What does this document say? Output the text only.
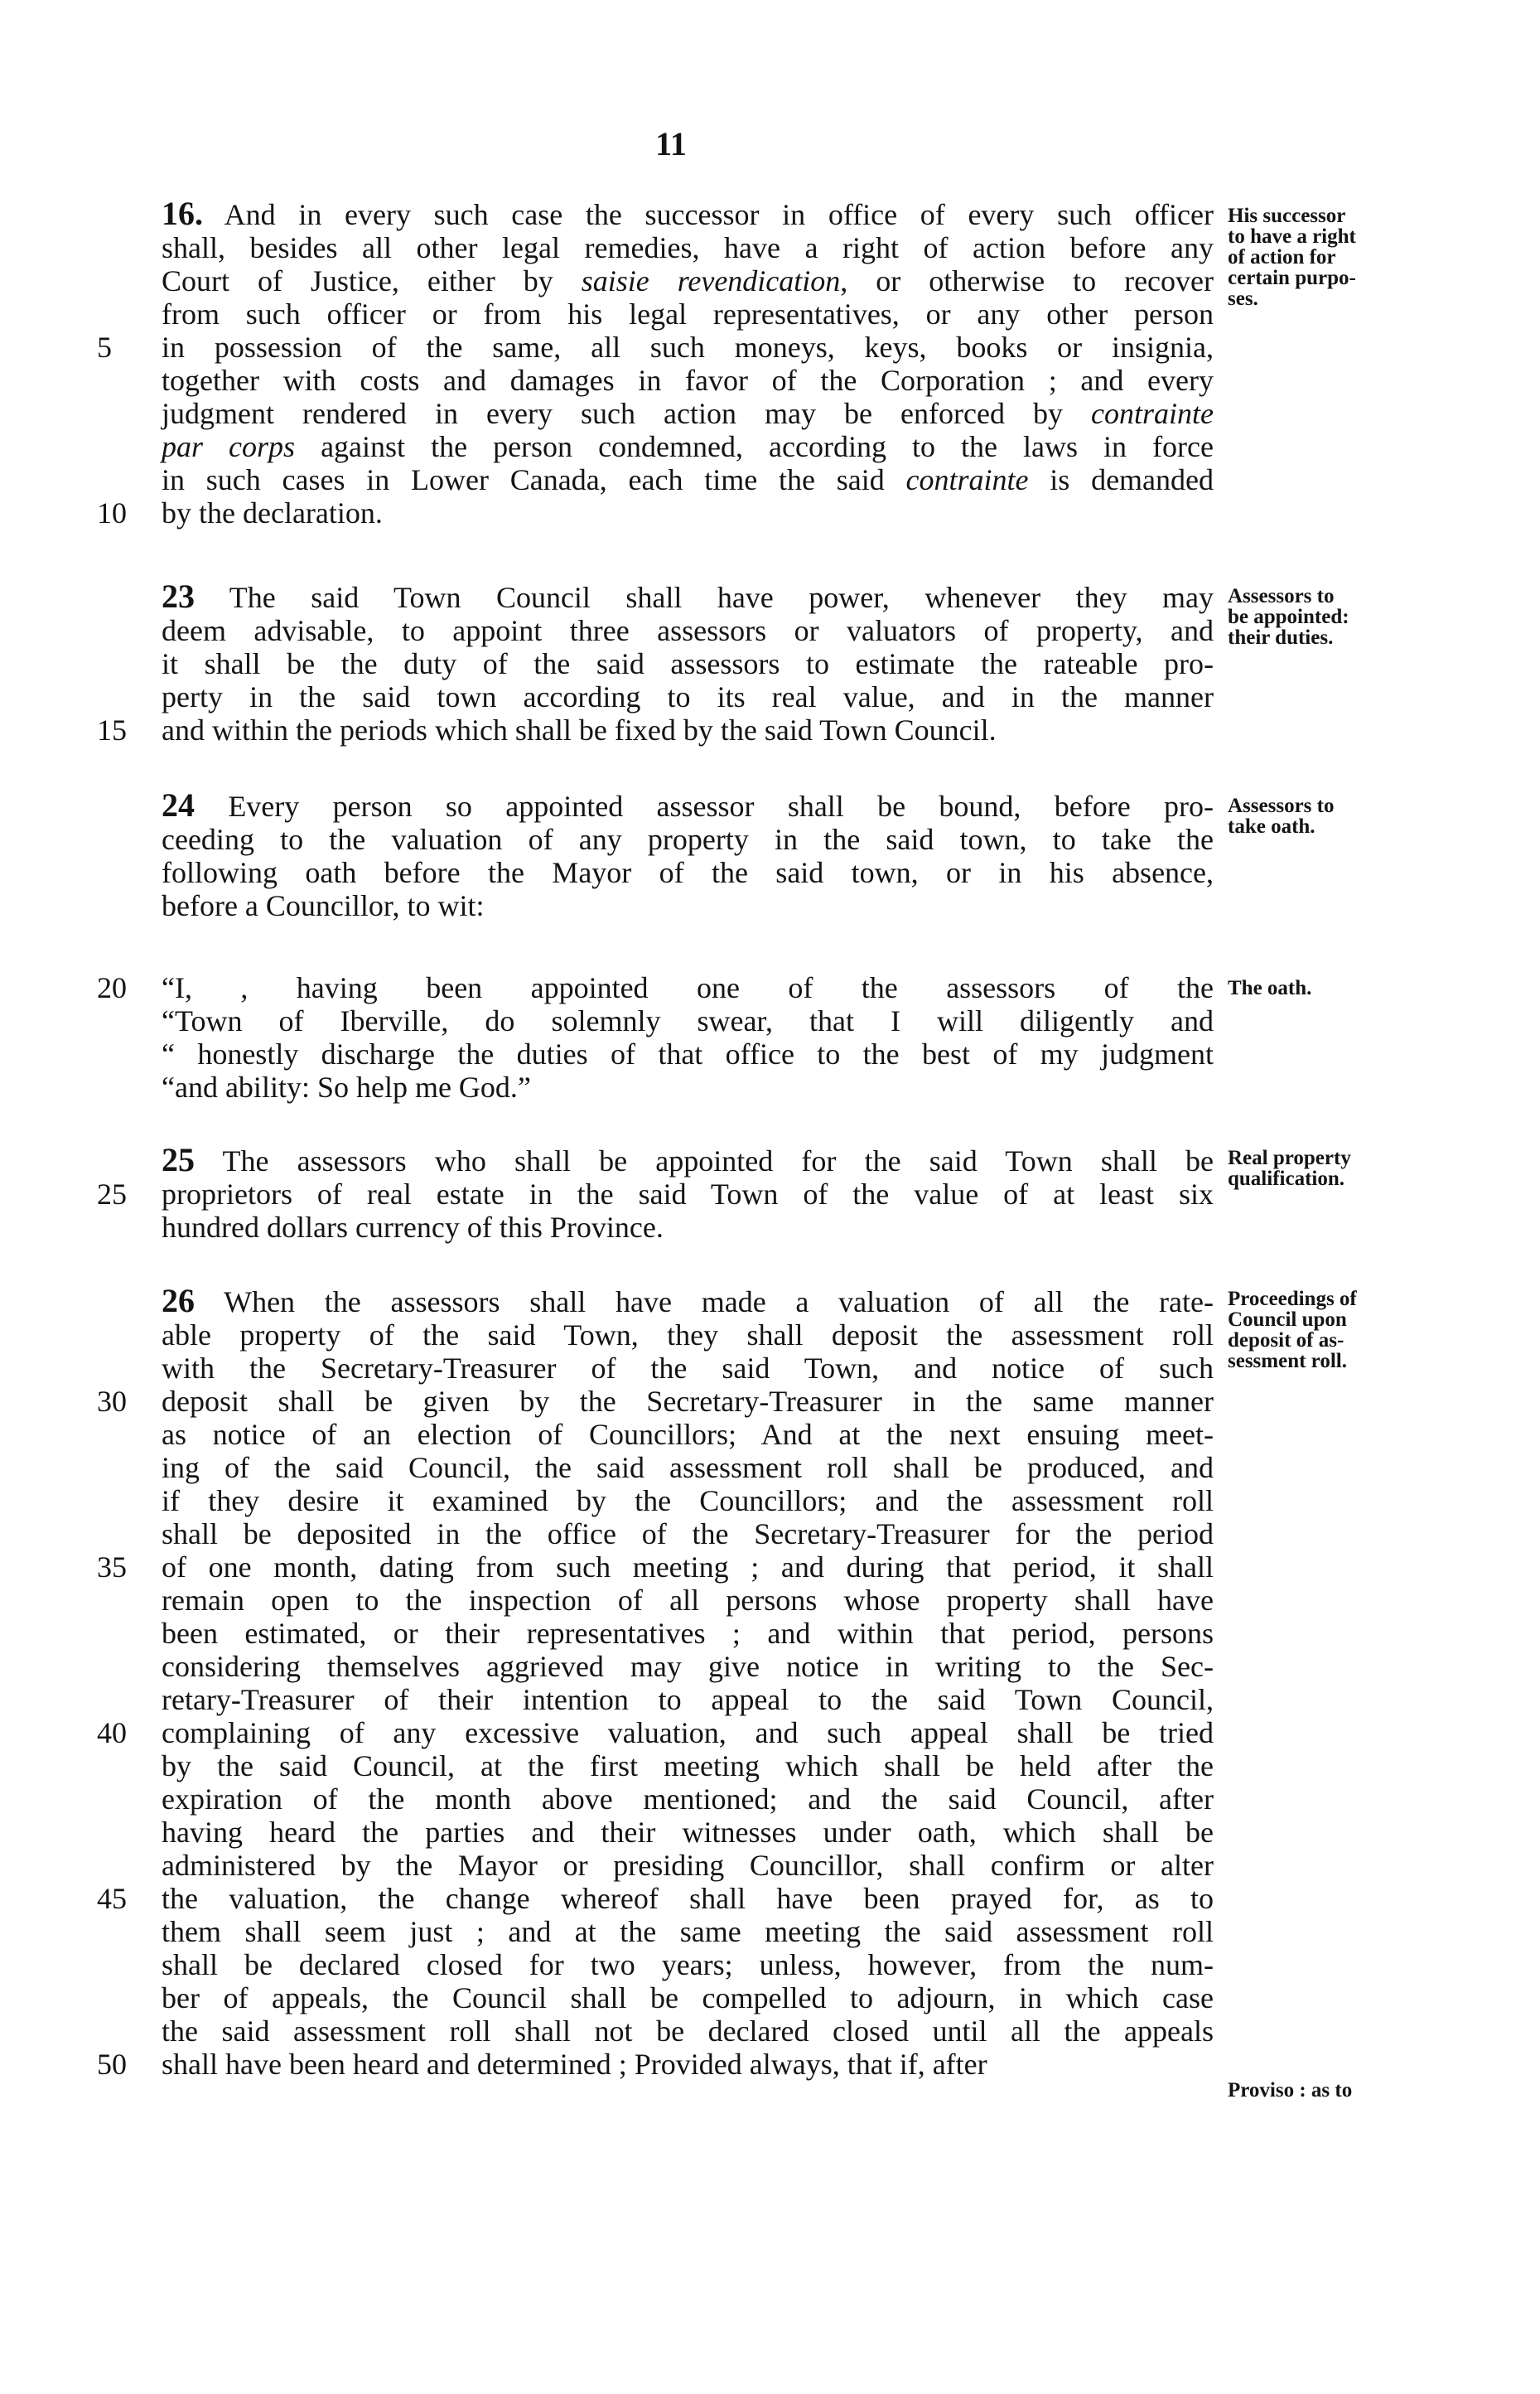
11
16. And in every such case the successor in office of every such officer
shall, besides all other legal remedies, have a right of action before any
Court of Justice, either by saisie revendication, or otherwise to recover
from such officer or from his legal representatives, or any other person
5	in possession of the same, all such moneys, keys, books or insignia,
together with costs and damages in favor of the Corporation ; and every
judgment rendered in every such action may be enforced by contrainte
par corps against the person condemned, according to the laws in force
in such cases in Lower Canada, each time the said contrainte is demanded
10	by the declaration.
His successor
to have a right
of action for
certain purpo-
ses.
23 The said Town Council shall have power, whenever they may
deem advisable, to appoint three assessors or valuators of property, and
it shall be the duty of the said assessors to estimate the rateable pro-
perty in the said town according to its real value, and in the manner
15	and within the periods which shall be fixed by the said Town Council.
Assessors to
be appointed:
their duties.
24 Every person so appointed assessor shall be bound, before pro-
ceeding to the valuation of any property in the said town, to take the
following oath before the Mayor of the said town, or in his absence,
before a Councillor, to wit:
Assessors to
take oath.
20	“I, , having been appointed one of the assessors of the
“Town of Iberville, do solemnly swear, that I will diligently and
“ honestly discharge the duties of that office to the best of my judgment
“and ability: So help me God.”
The oath.
25 The assessors who shall be appointed for the said Town shall be
25	proprietors of real estate in the said Town of the value of at least six
hundred dollars currency of this Province.
Real property
qualification.
26 When the assessors shall have made a valuation of all the rate-
able property of the said Town, they shall deposit the assessment roll
with the Secretary-Treasurer of the said Town, and notice of such
30	deposit shall be given by the Secretary-Treasurer in the same manner
as notice of an election of Councillors; And at the next ensuing meet-
ing of the said Council, the said assessment roll shall be produced, and
if they desire it examined by the Councillors; and the assessment roll
shall be deposited in the office of the Secretary-Treasurer for the period
35	of one month, dating from such meeting ; and during that period, it shall
remain open to the inspection of all persons whose property shall have
been estimated, or their representatives ; and within that period, persons
considering themselves aggrieved may give notice in writing to the Sec-
retary-Treasurer of their intention to appeal to the said Town Council,
40	complaining of any excessive valuation, and such appeal shall be tried
by the said Council, at the first meeting which shall be held after the
expiration of the month above mentioned; and the said Council, after
having heard the parties and their witnesses under oath, which shall be
administered by the Mayor or presiding Councillor, shall confirm or alter
45	the valuation, the change whereof shall have been prayed for, as to
them shall seem just ; and at the same meeting the said assessment roll
shall be declared closed for two years; unless, however, from the num-
ber of appeals, the Council shall be compelled to adjourn, in which case
the said assessment roll shall not be declared closed until all the appeals
50	shall have been heard and determined ; Provided always, that if, after
Proceedings of
Council upon
deposit of as-
sessment roll.
Proviso : as to
